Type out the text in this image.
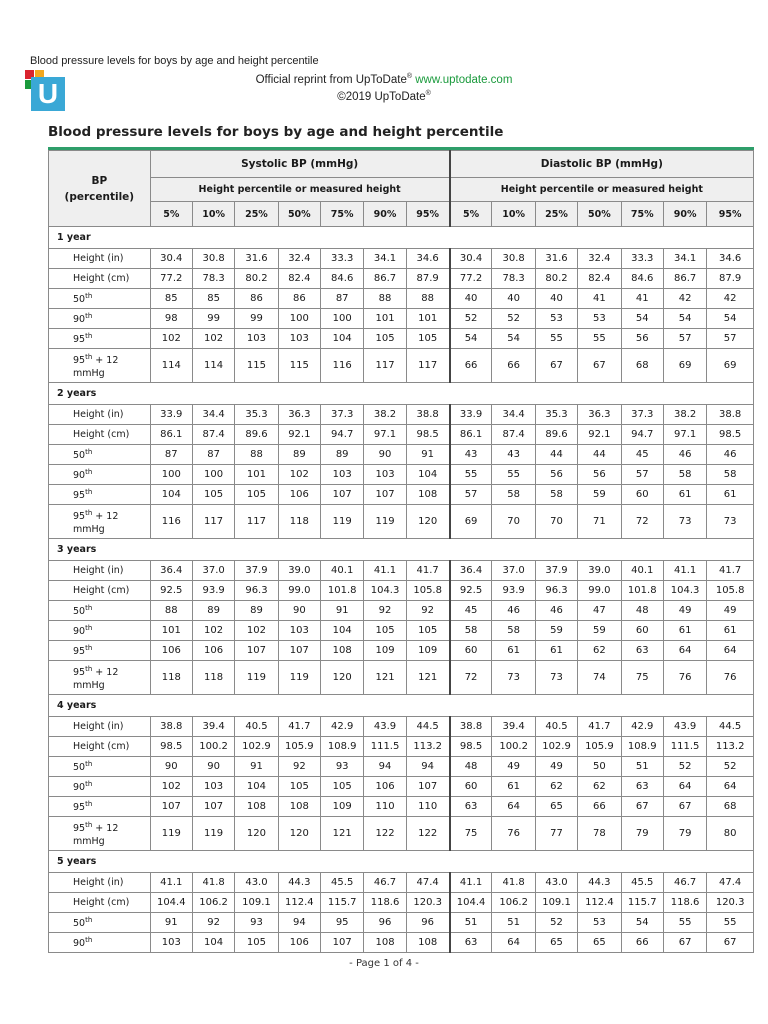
Blood pressure levels for boys by age and height percentile
U	Official reprint from UpToDate® www.uptodate.com
©2019 UpToDate®
Blood pressure levels for boys by age and height percentile
BP
(percentile)	Systolic BP (mmHg)							Diastolic BP (mmHg)						
	Height percentile or measured height							Height percentile or measured height						
	5%	10%	25%	50%	75%	90%	95%	5%	10%	25%	50%	75%	90%	95%
1 year														
Height (in)	30.4	30.8	31.6	32.4	33.3	34.1	34.6	30.4	30.8	31.6	32.4	33.3	34.1	34.6
Height (cm)	77.2	78.3	80.2	82.4	84.6	86.7	87.9	77.2	78.3	80.2	82.4	84.6	86.7	87.9
50th	85	85	86	86	87	88	88	40	40	40	41	41	42	42
90th	98	99	99	100	100	101	101	52	52	53	53	54	54	54
95th	102	102	103	103	104	105	105	54	54	55	55	56	57	57
95th + 12 mmHg	114	114	115	115	116	117	117	66	66	67	67	68	69	69
2 years														
Height (in)	33.9	34.4	35.3	36.3	37.3	38.2	38.8	33.9	34.4	35.3	36.3	37.3	38.2	38.8
Height (cm)	86.1	87.4	89.6	92.1	94.7	97.1	98.5	86.1	87.4	89.6	92.1	94.7	97.1	98.5
50th	87	87	88	89	89	90	91	43	43	44	44	45	46	46
90th	100	100	101	102	103	103	104	55	55	56	56	57	58	58
95th	104	105	105	106	107	107	108	57	58	58	59	60	61	61
95th + 12 mmHg	116	117	117	118	119	119	120	69	70	70	71	72	73	73
3 years														
Height (in)	36.4	37.0	37.9	39.0	40.1	41.1	41.7	36.4	37.0	37.9	39.0	40.1	41.1	41.7
Height (cm)	92.5	93.9	96.3	99.0	101.8	104.3	105.8	92.5	93.9	96.3	99.0	101.8	104.3	105.8
50th	88	89	89	90	91	92	92	45	46	46	47	48	49	49
90th	101	102	102	103	104	105	105	58	58	59	59	60	61	61
95th	106	106	107	107	108	109	109	60	61	61	62	63	64	64
95th + 12 mmHg	118	118	119	119	120	121	121	72	73	73	74	75	76	76
4 years														
Height (in)	38.8	39.4	40.5	41.7	42.9	43.9	44.5	38.8	39.4	40.5	41.7	42.9	43.9	44.5
Height (cm)	98.5	100.2	102.9	105.9	108.9	111.5	113.2	98.5	100.2	102.9	105.9	108.9	111.5	113.2
50th	90	90	91	92	93	94	94	48	49	49	50	51	52	52
90th	102	103	104	105	105	106	107	60	61	62	62	63	64	64
95th	107	107	108	108	109	110	110	63	64	65	66	67	67	68
95th + 12 mmHg	119	119	120	120	121	122	122	75	76	77	78	79	79	80
5 years														
Height (in)	41.1	41.8	43.0	44.3	45.5	46.7	47.4	41.1	41.8	43.0	44.3	45.5	46.7	47.4
Height (cm)	104.4	106.2	109.1	112.4	115.7	118.6	120.3	104.4	106.2	109.1	112.4	115.7	118.6	120.3
50th	91	92	93	94	95	96	96	51	51	52	53	54	55	55
90th	103	104	105	106	107	108	108	63	64	65	65	66	67	67
- Page 1 of 4 -
